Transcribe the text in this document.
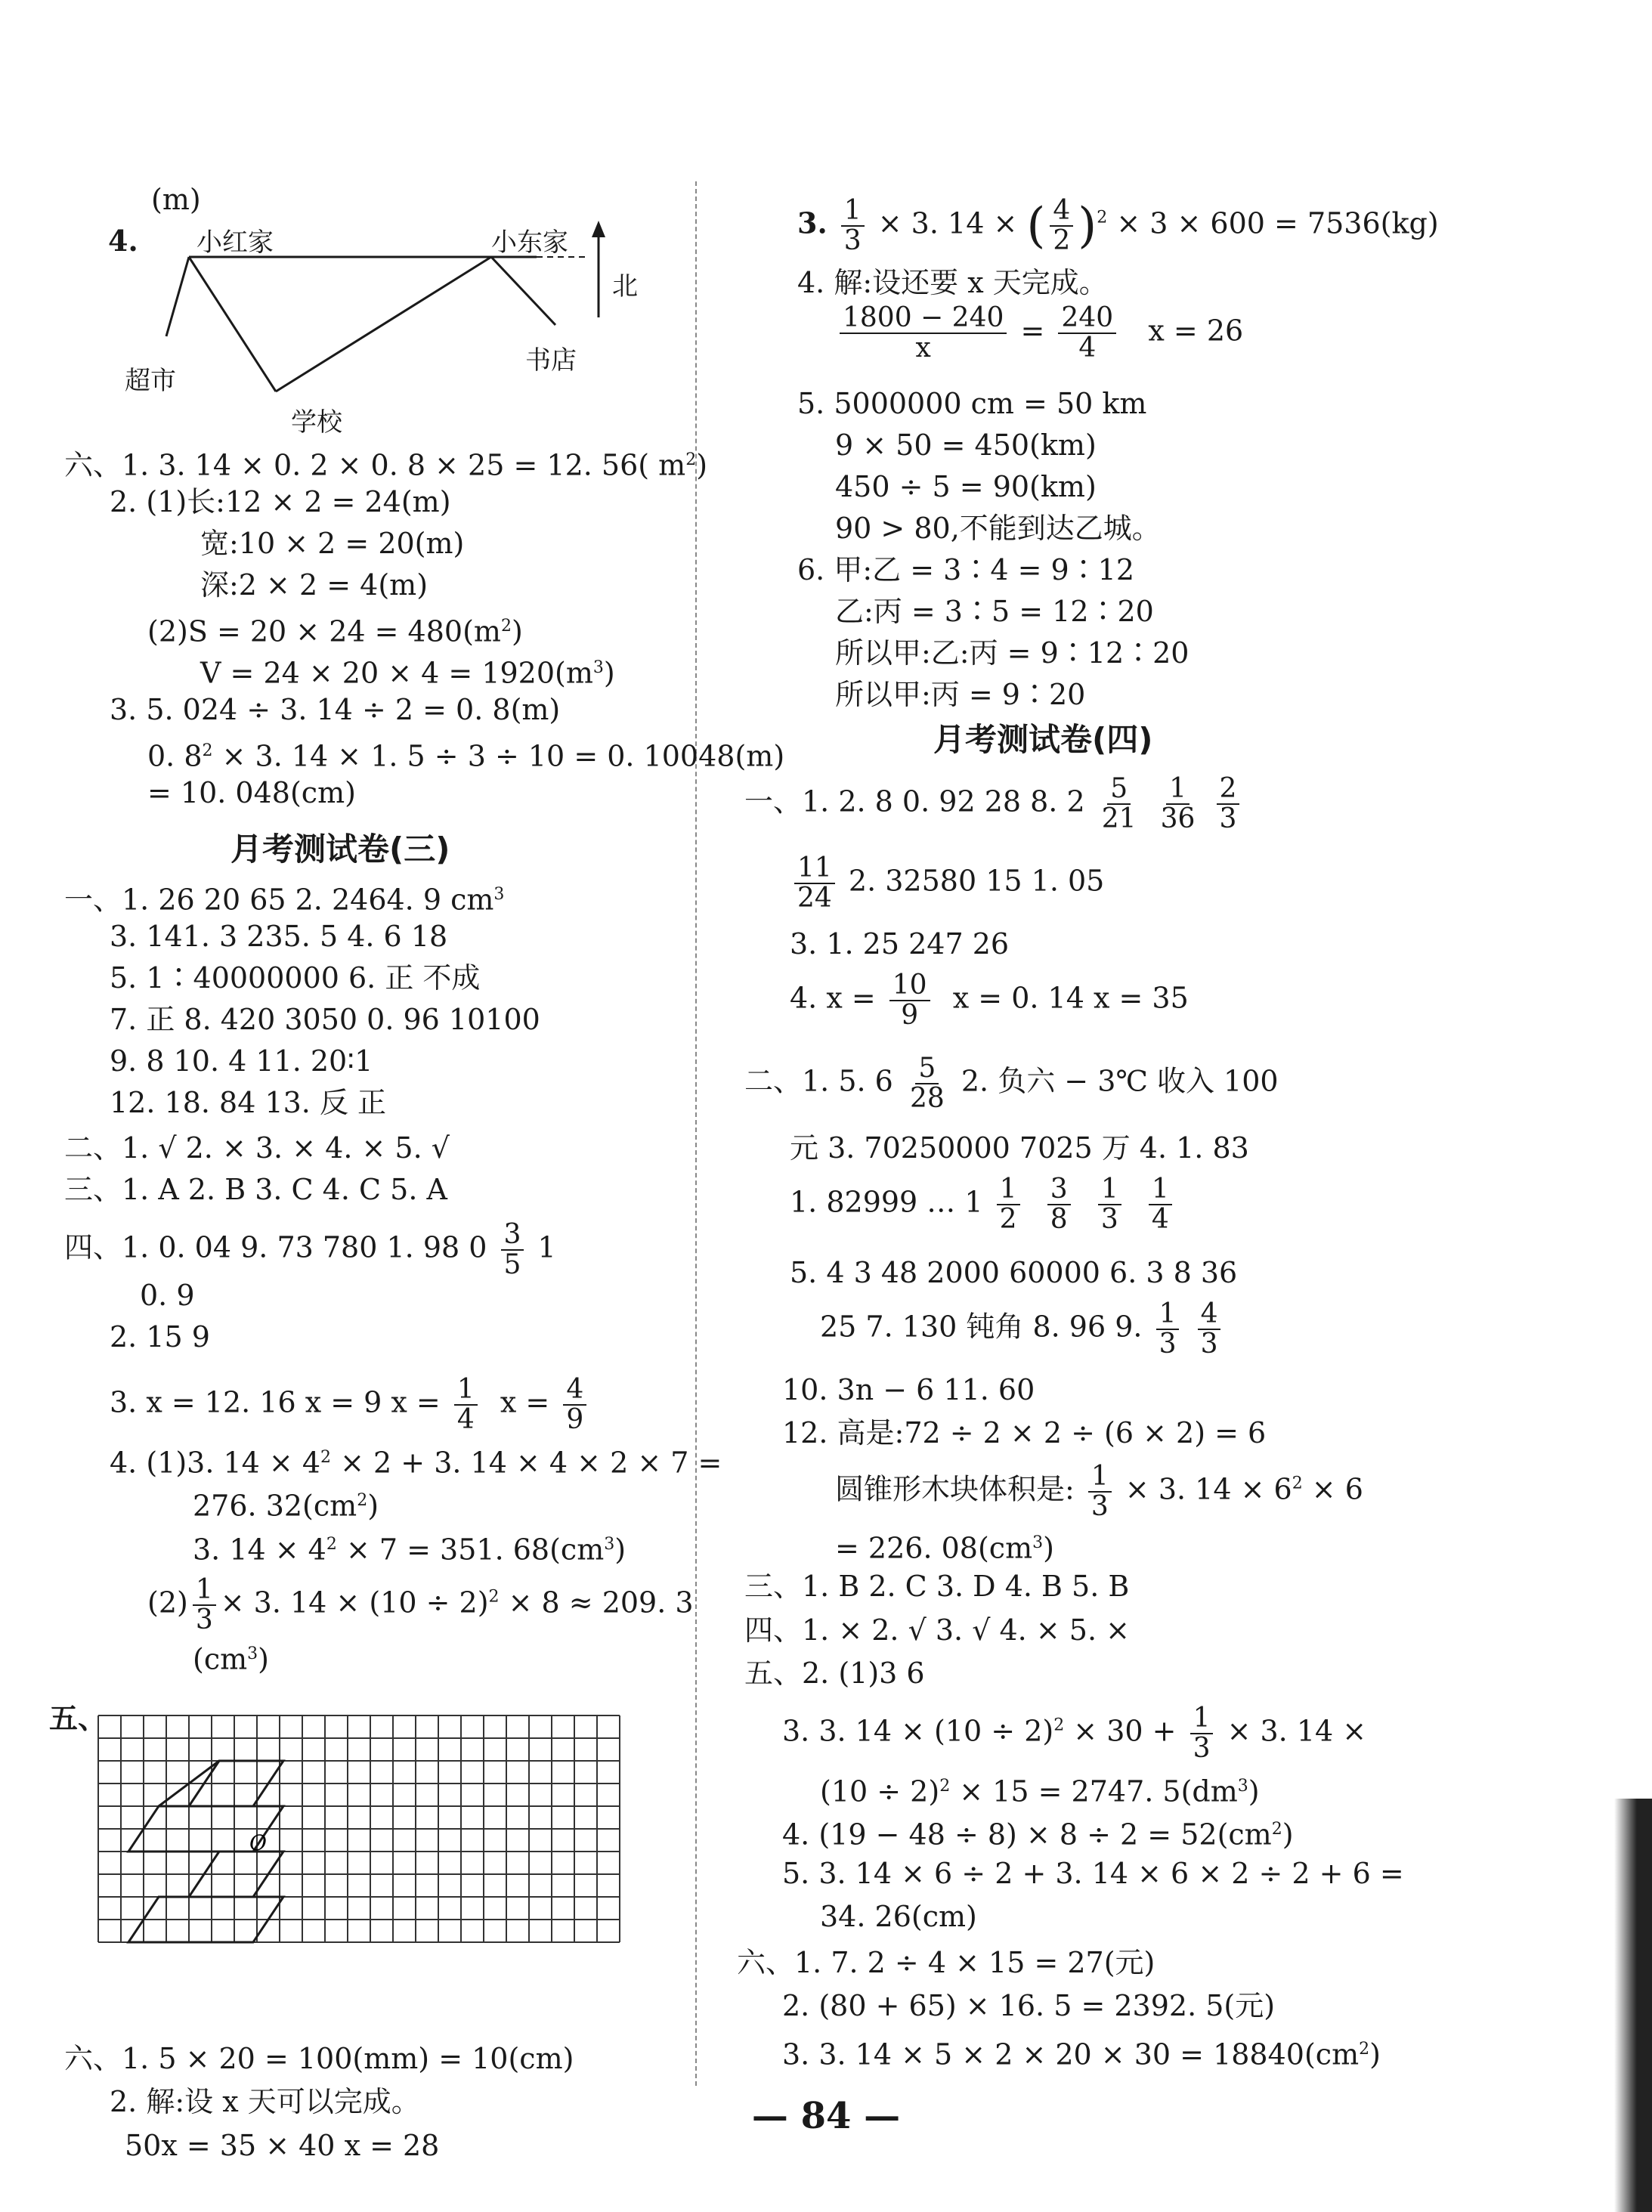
(m)
4. 小红家	小东家
超市
学校
书店
北
六、1. 3. 14 × 0. 2 × 0. 8 × 25 = 12. 56( $m^2$)
2. (1)长:12 × 2 = 24(m)
宽:10 × 2 = 20(m)
深:2 × 2 = 4(m)
$(2)S = 20 \times 24 = 480(m^2)$
$V = 24 \times 20 \times 4 = 1920(m^3)$
3. 5. 024 ÷ 3. 14 ÷ 2 = 0. 8(m)
0. $8^2 \times 3$. 14 × 1. 5 ÷ 3 ÷ 10 = 0. 10048(m)
= 10. 048(cm)
月考测试卷(三)
一、1. 26 20 65 2. 2464. 9 $cm^3$
3. 141. 3 235. 5 4. 6 18
5. 1∶40000000 6. 正 不成
7. 正 8. 420 3050 0. 96 10100
9. 8 10. 4 11. 20∶1
12. 18. 84 13. 反 正
二、1. √ 2. × 3. × 4. × 5. √
三、1. A 2. B 3. C 4. C 5. A
四、1. 0. 04 9. 73 780 1. 98 $0 \frac{3}{5} 1$
0. 9
2. 15 9
3. x = 12. 16 x = 9 $x = \frac{1}{4}$ $x = \frac{4}{9}$
4. (1)3. $14 \times 4^2 \times 2 + 3$. 14 × 4 × 2 × 7 =
276. $32(cm^2)$
3. $14 \times 4^2 \times 7 = 351$. $68(cm^3)$
$(2) \frac{1}{3} \times 3$. $14 \times (10 \div 2)^2 \times 8 \approx 209$. 3
$(cm^3)$
五、
O
六、1. 5 × 20 = 100(mm) = 10(cm)
2. 解:设 x 天可以完成。
50x = 35 × 40 x = 28
3. $\frac{1}{3} \times 3$. 14 × ( $\frac{4}{2} )^2 \times 3 \times 600 = 7536(kg)$
4. 解:设还要 x 天完成。
$\frac{1800 - 240}{x} = \frac{240}{4}$ x = 26
5. 5000000 cm = 50 km
9 × 50 = 450(km)
450 ÷ 5 = 90(km)
90 > 80,不能到达乙城。
6. 甲:乙 = 3∶4 = 9∶12
乙:丙 = 3∶5 = 12∶20
所以甲:乙:丙 = 9∶12∶20
所以甲:丙 = 9∶20
月考测试卷(四)
一、1. 2. 8 0. 92 28 8. $2 \frac{5}{21}$
$\frac{1}{36}$
$\frac{2}{3}$
$\frac{11}{24} 2$. 32580 15 1. 05
3. 1. 25 247 26
4. $x = \frac{10}{9}$ x = 0. 14 x = 35
二、1. 5. $6 \frac{5}{28} 2$. 负六 − 3℃ 收入 100
元 3. 70250000 7025 万 4. 1. 83
1. 82999 … $1 \frac{1}{2}$
$\frac{3}{8}$
$\frac{1}{3}$
$\frac{1}{4}$
5. 4 3 48 2000 60000 6. 3 8 36
25 7. 130 钝角 8. 96 9. $\frac{1}{3}$
$\frac{4}{3}$
10. 3n − 6 11. 60
12. 高是:72 ÷ 2 × 2 ÷ (6 × 2) = 6
圆锥形木块体积是: $\frac{1}{3} \times 3$. $14 \times 6^2 \times 6$
= 226. $08(cm^3)$
三、1. B 2. C 3. D 4. B 5. B
四、1. × 2. √ 3. √ 4. × 5. ×
五、2. (1)3 6
3. 3. $14 \times (10 \div 2)^2 \times 30 + \frac{1}{3} \times 3$. 14 ×
$(10 \div 2)^2 \times 15 = 2747$. $5(dm^3)$
4. $(19 - 48 \div 8) \times 8 \div 2 = 52(cm^2)$
5. 3. 14 × 6 ÷ 2 + 3. 14 × 6 × 2 ÷ 2 + 6 =
34. 26(cm)
六、1. 7. 2 ÷ 4 × 15 = 27(元)
2. (80 + 65) × 16. 5 = 2392. 5(元)
3. 3. $14 \times 5 \times 2 \times 20 \times 30 = 18840(cm^2)$
— 84 —
